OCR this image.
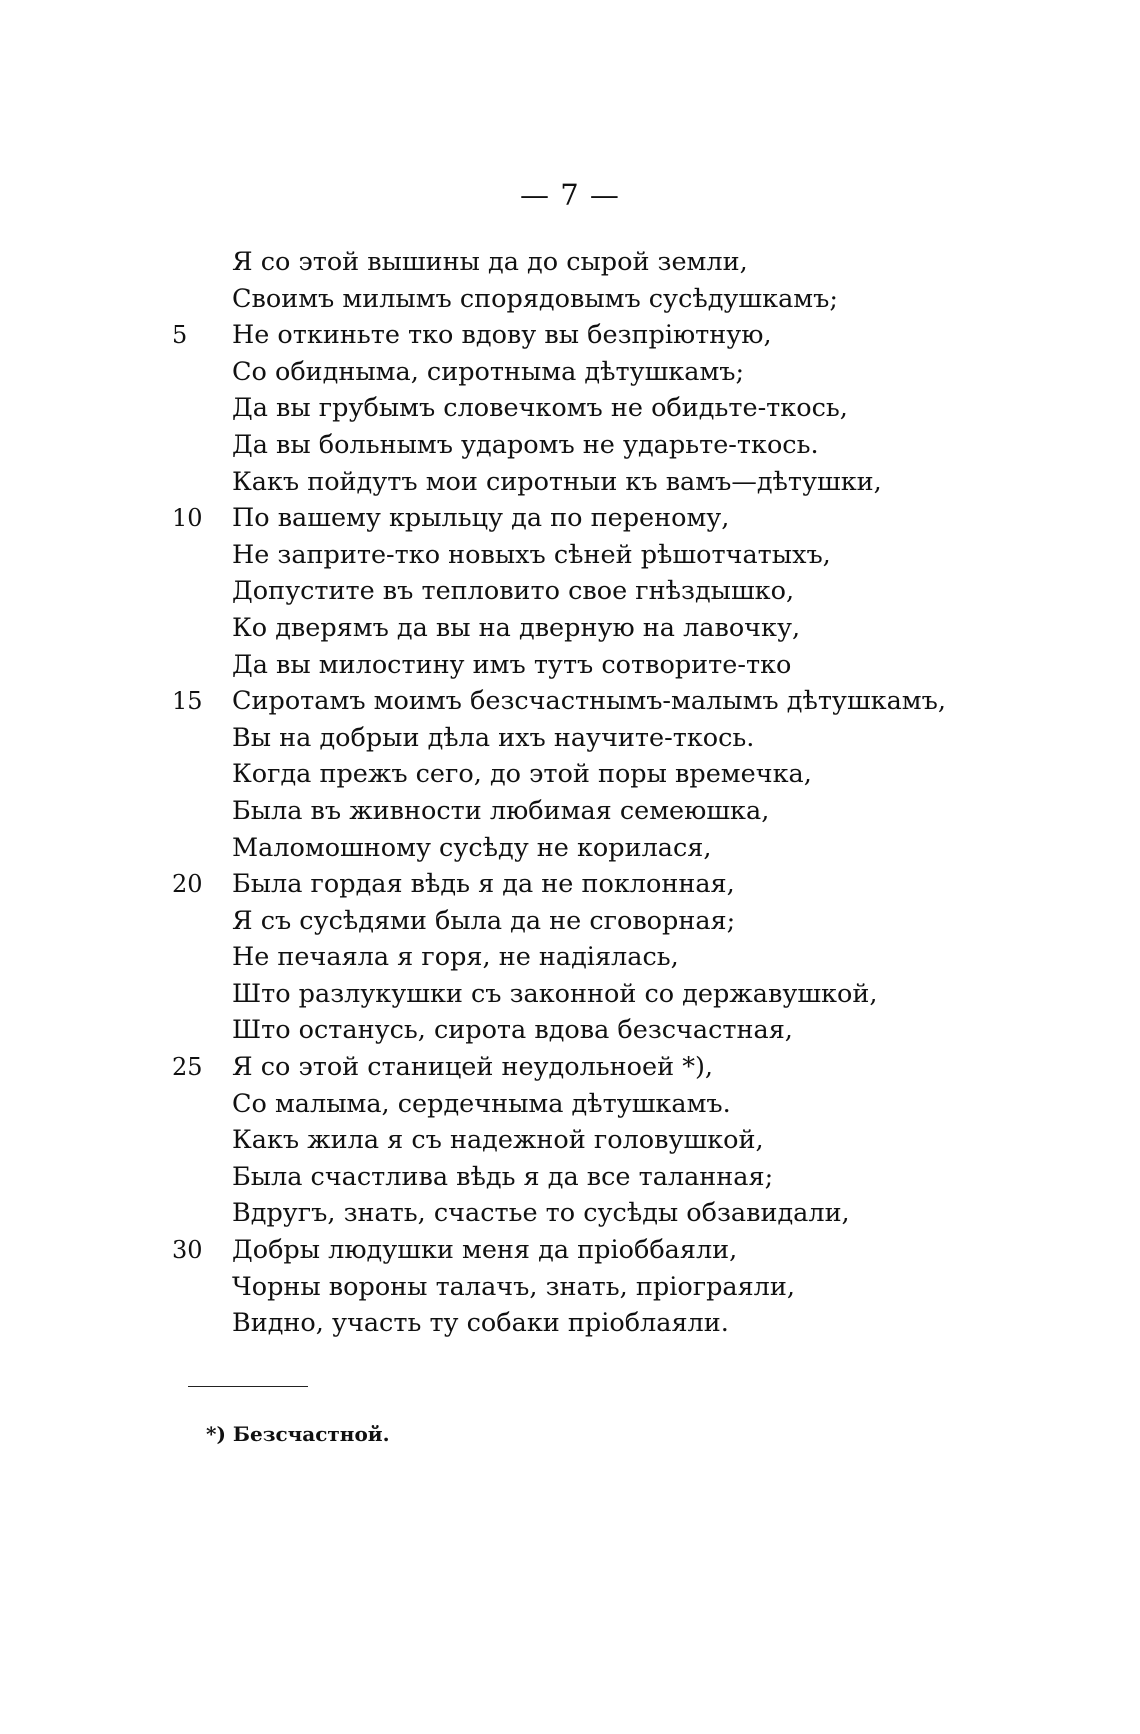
— 7 —
Я со этой вышины да до сырой земли,
Своимъ милымъ спорядовымъ сусѣдушкамъ;
5	Не откиньте тко вдову вы безпріютную,
Со обидныма, сиротныма дѣтушкамъ;
Да вы грубымъ словечкомъ не обидьте-ткось,
Да вы больнымъ ударомъ не ударьте-ткось.
Какъ пойдутъ мои сиротныи къ вамъ—дѣтушки,
10	По вашему крыльцу да по переному,
Не заприте-тко новыхъ сѣней рѣшотчатыхъ,
Допустите въ тепловито свое гнѣздышко,
Ко дверямъ да вы на дверную на лавочку,
Да вы милостину имъ тутъ сотворите-тко
15	Сиротамъ моимъ безсчастнымъ-малымъ дѣтушкамъ,
Вы на добрыи дѣла ихъ научите-ткось.
Когда прежъ сего, до этой поры времечка,
Была въ живности любимая семеюшка,
Маломошному сусѣду не корилася,
20	Была гордая вѣдь я да не поклонная,
Я съ сусѣдями была да не сговорная;
Не печаяла я горя, не надіялась,
Што разлукушки съ законной со державушкой,
Што останусь, сирота вдова безсчастная,
25	Я со этой станицей неудольноей *),
Со малыма, сердечныма дѣтушкамъ.
Какъ жила я съ надежной головушкой,
Была счастлива вѣдь я да все таланная;
Вдругъ, знать, счастье то сусѣды обзавидали,
30	Добры людушки меня да пріоббаяли,
Чорны вороны талачъ, знать, пріограяли,
Видно, участь ту собаки пріоблаяли.
*) Безсчастной.
